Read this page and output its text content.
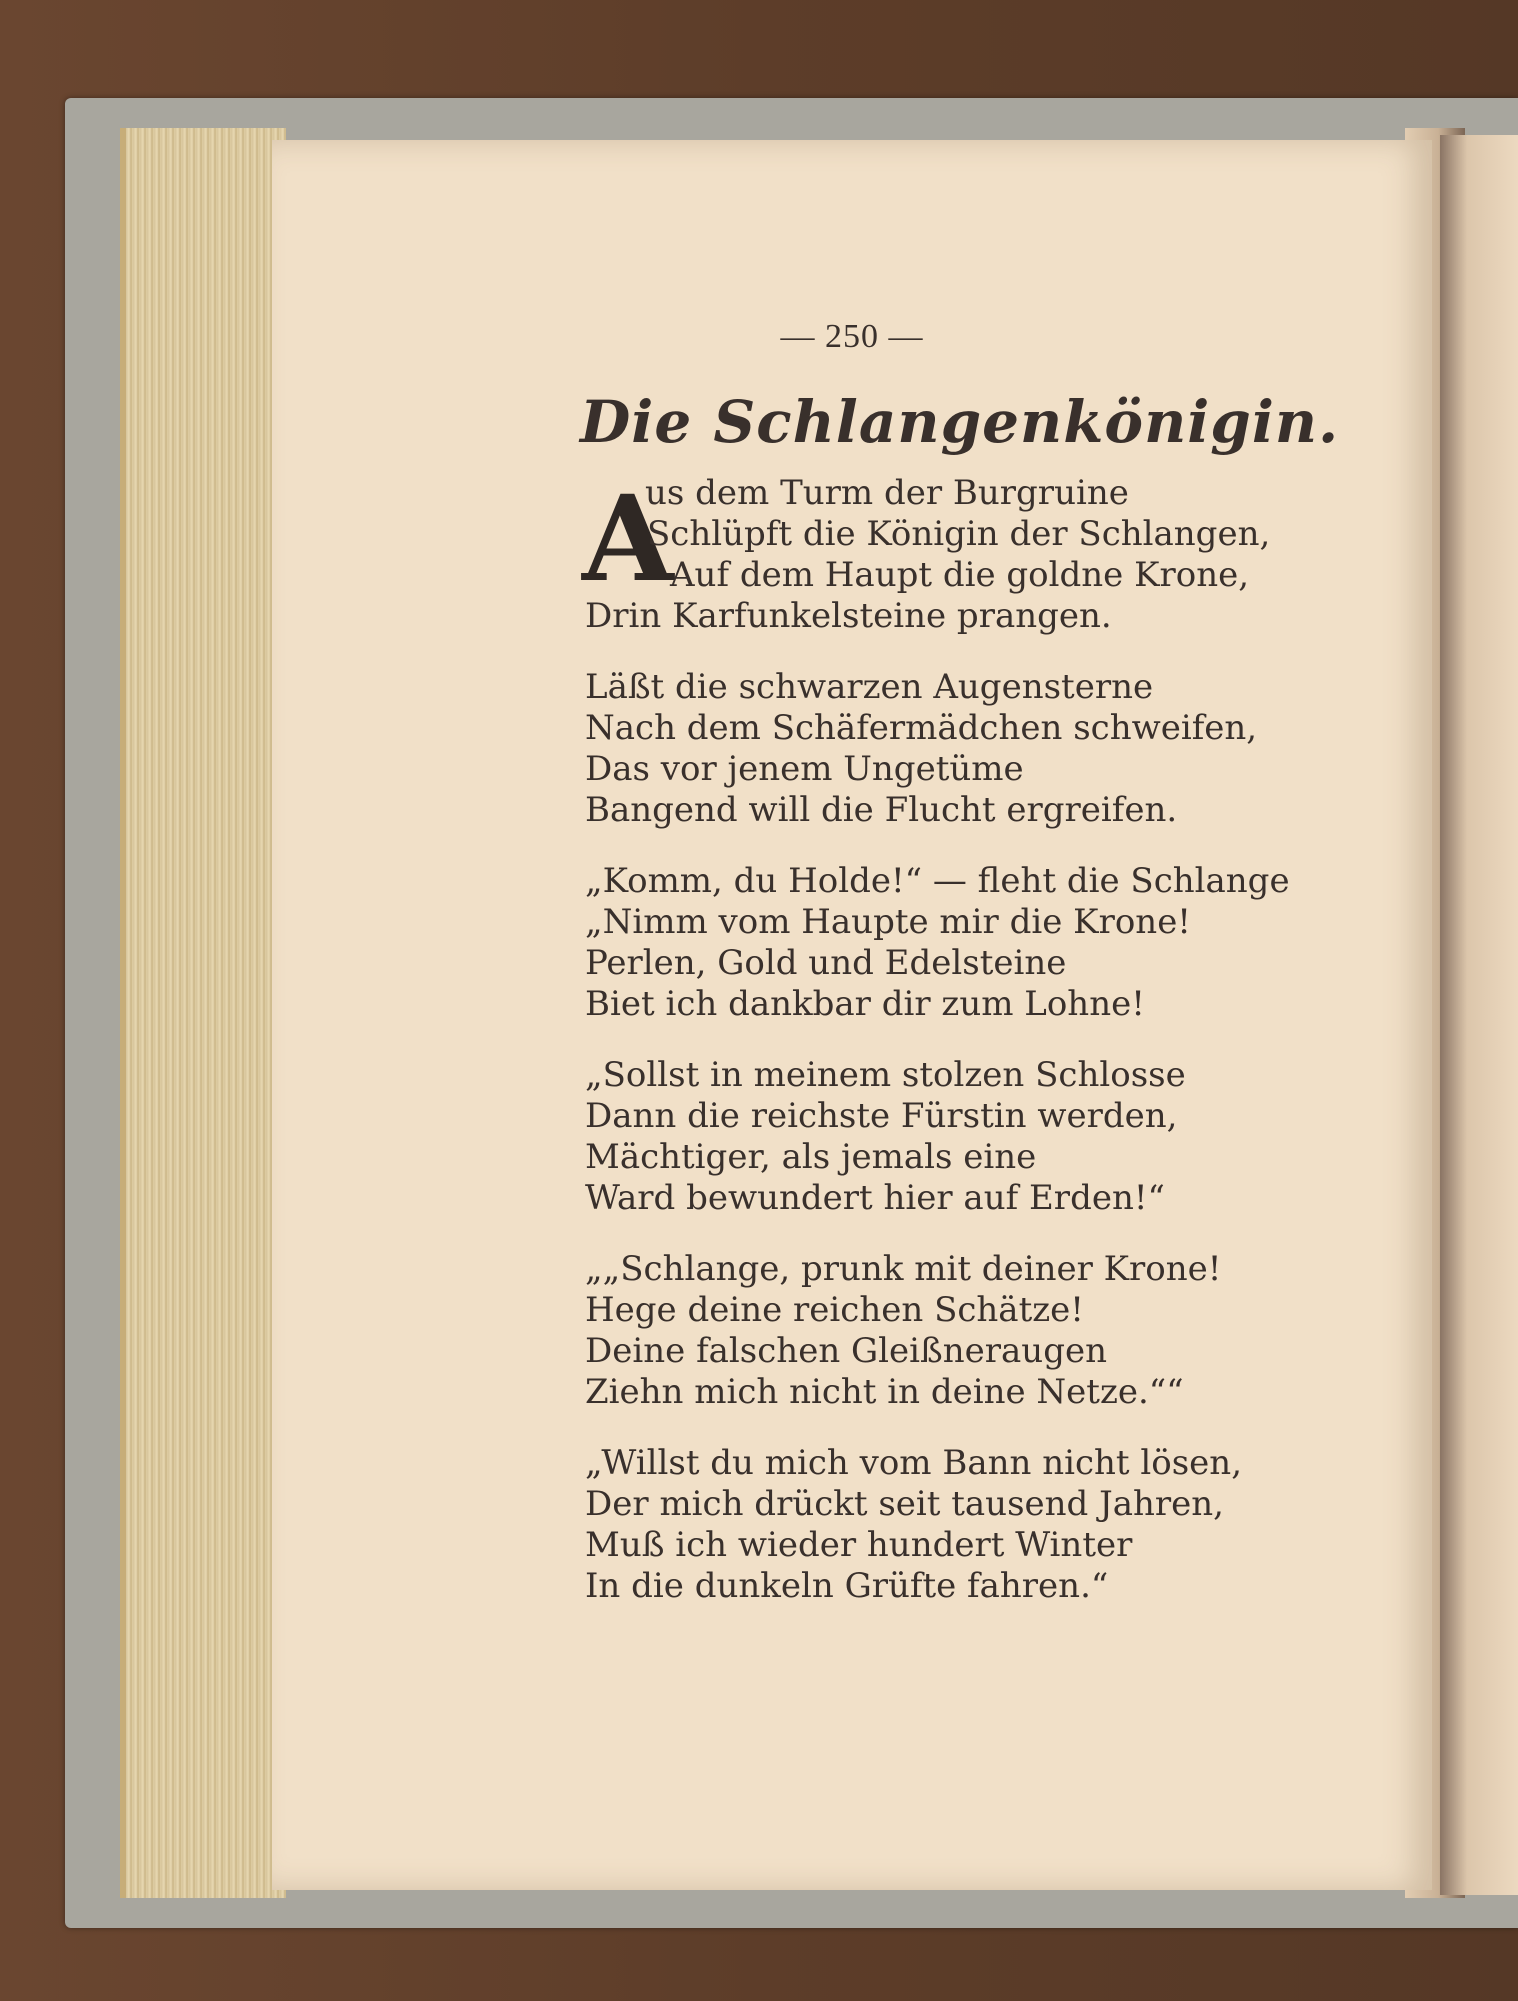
— 250 —
Die Schlangenkönigin.
A
us dem Turm der Burgruine
Schlüpft die Königin der Schlangen,
Auf dem Haupt die goldne Krone,
Drin Karfunkelsteine prangen.
Läßt die schwarzen Augensterne
Nach dem Schäfermädchen schweifen,
Das vor jenem Ungetüme
Bangend will die Flucht ergreifen.
„Komm, du Holde!“ — fleht die Schlange
„Nimm vom Haupte mir die Krone!
Perlen, Gold und Edelsteine
Biet ich dankbar dir zum Lohne!
„Sollst in meinem stolzen Schlosse
Dann die reichste Fürstin werden,
Mächtiger, als jemals eine
Ward bewundert hier auf Erden!“
„„Schlange, prunk mit deiner Krone!
Hege deine reichen Schätze!
Deine falschen Gleißneraugen
Ziehn mich nicht in deine Netze.““
„Willst du mich vom Bann nicht lösen,
Der mich drückt seit tausend Jahren,
Muß ich wieder hundert Winter
In die dunkeln Grüfte fahren.“
